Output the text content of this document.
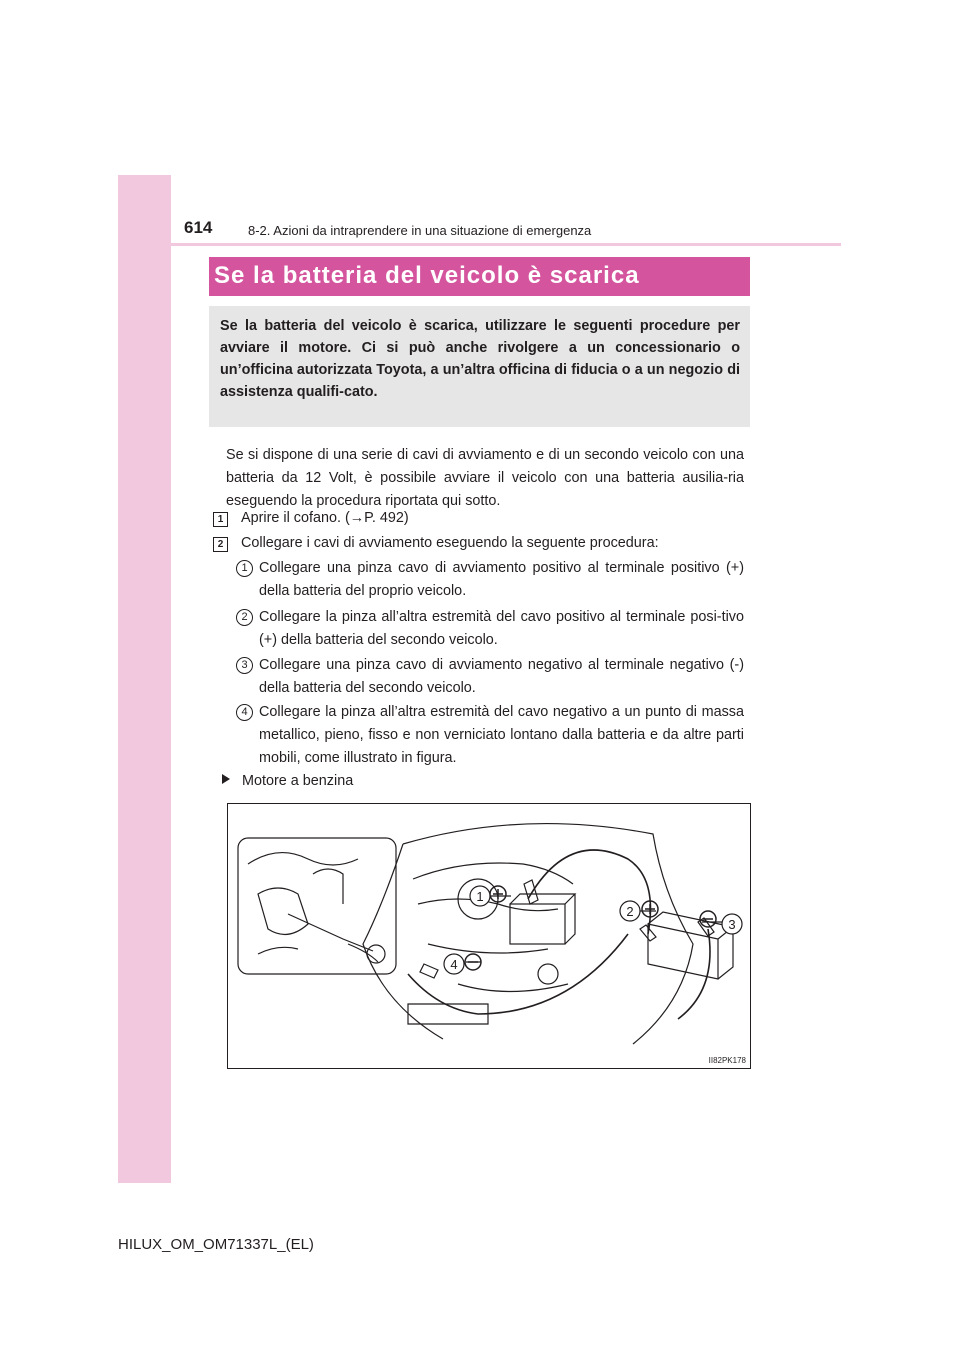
614	8-2. Azioni da intraprendere in una situazione di emergenza
Se la batteria del veicolo è scarica
Se la batteria del veicolo è scarica, utilizzare le seguenti procedure per avviare il motore. Ci si può anche rivolgere a un concessionario o un’officina autorizzata Toyota, a un’altra officina di fiducia o a un negozio di assistenza qualifi-cato.
Se si dispone di una serie di cavi di avviamento e di un secondo veicolo con una batteria da 12 Volt, è possibile avviare il veicolo con una batteria ausilia-ria eseguendo la procedura riportata qui sotto.
1	Aprire il cofano. (→P. 492)
2	Collegare i cavi di avviamento eseguendo la seguente procedura:
1 Collegare una pinza cavo di avviamento positivo al terminale positivo (+) della batteria del proprio veicolo.
2 Collegare la pinza all’altra estremità del cavo positivo al terminale posi-tivo (+) della batteria del secondo veicolo.
3 Collegare una pinza cavo di avviamento negativo al terminale negativo (-) della batteria del secondo veicolo.
4 Collegare la pinza all’altra estremità del cavo negativo a un punto di massa metallico, pieno, fisso e non verniciato lontano dalla batteria e da altre parti mobili, come illustrato in figura.
Motore a benzina
1
2
3
4
II82PK178
HILUX_OM_OM71337L_(EL)
